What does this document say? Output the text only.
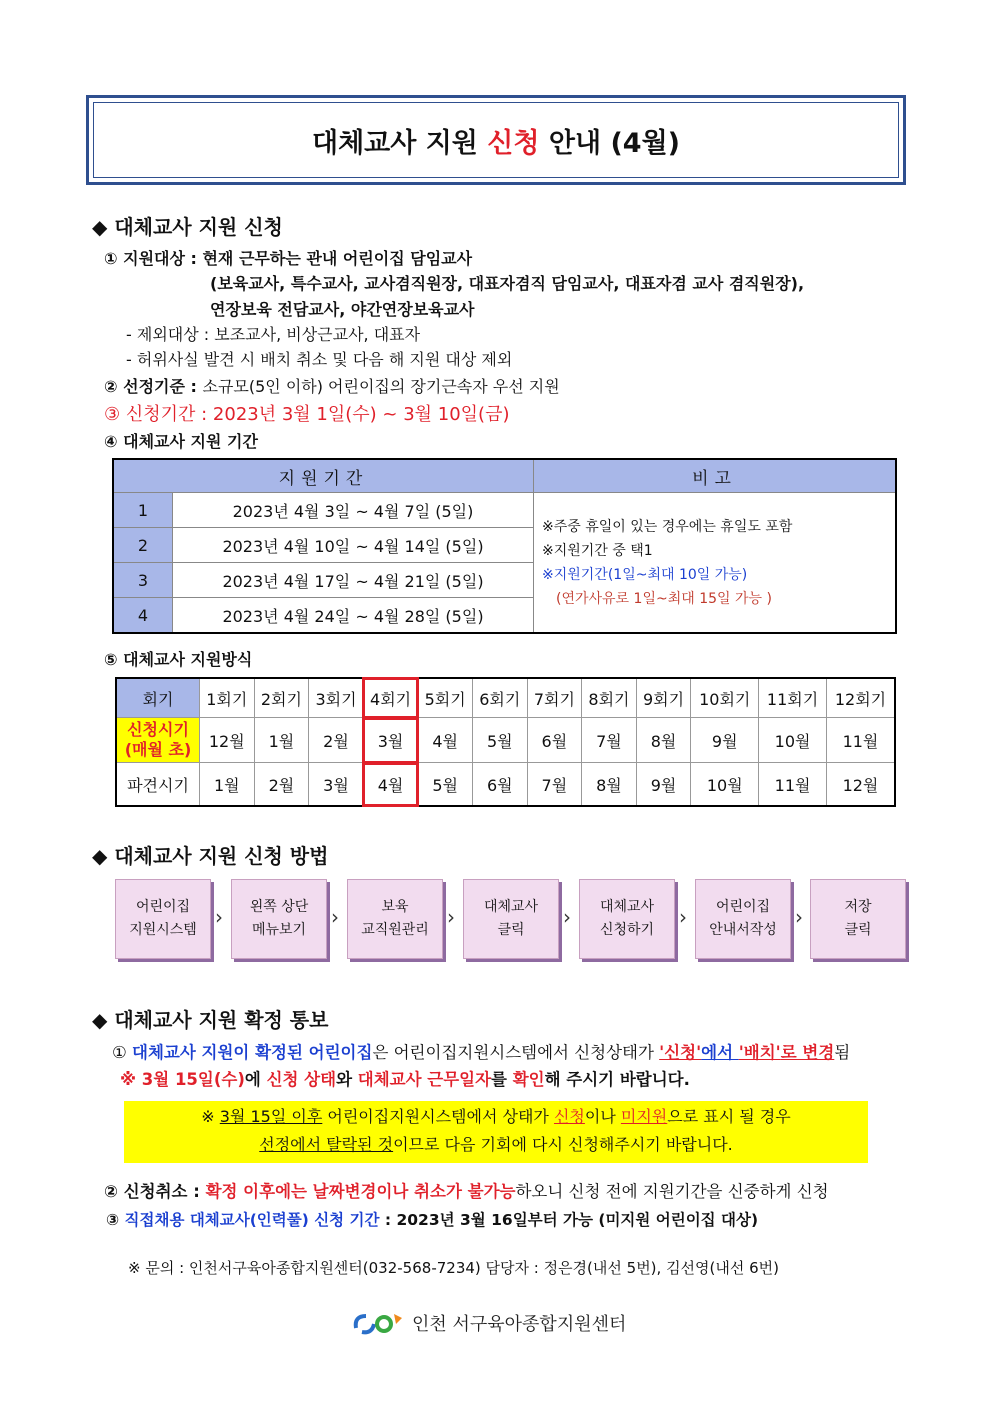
대체교사 지원
신청
안내 (4월)
◆ 대체교사 지원 신청
① 지원대상 : 현재 근무하는 관내 어린이집 담임교사
(보육교사, 특수교사, 교사겸직원장, 대표자겸직 담임교사, 대표자겸 교사 겸직원장),
연장보육 전담교사, 야간연장보육교사
- 제외대상 : 보조교사, 비상근교사, 대표자
- 허위사실 발견 시 배치 취소 및 다음 해 지원 대상 제외
② 선정기준 : 소규모(5인 이하) 어린이집의 장기근속자 우선 지원
③ 신청기간 : 2023년 3월 1일(수) ~ 3월 10일(금)
④ 대체교사 지원 기간
지원기간		비고
1	2023년 4월 3일 ~ 4월 7일 (5일)	※주중 휴일이 있는 경우에는 휴일도 포함
※지원기간 중 택1
※지원기간(1일~최대 10일 가능)
(연가사유로 1일~최대 15일 가능 )

2	2023년 4월 10일 ~ 4월 14일 (5일)	
3	2023년 4월 17일 ~ 4월 21일 (5일)	
4	2023년 4월 24일 ~ 4월 28일 (5일)	
⑤ 대체교사 지원방식
회기	1회기	2회기	3회기	4회기	5회기	6회기	7회기	8회기	9회기	10회기	11회기	12회기

신청시기
(매월 초)	12월	1월	2월	3월	4월	5월	6월	7월	8월	9월	10월	11월
파견시기	1월	2월	3월	4월	5월	6월	7월	8월	9월	10월	11월	12월
◆ 대체교사 지원 신청 방법
어린이집
지원시스템
›	왼쪽 상단
메뉴보기
›	보육
교직원관리
›	대체교사
클릭
›	대체교사
신청하기
›	어린이집
안내서작성
›	저장
클릭
◆ 대체교사 지원 확정 통보
① 대체교사 지원이 확정된 어린이집은 어린이집지원시스템에서 신청상태가 '신청'에서 '배치'로 변경됨
※ 3월 15일(수)에 신청 상태와 대체교사 근무일자를 확인해 주시기 바랍니다.
※ 3월 15일 이후 어린이집지원시스템에서 상태가 신청이나 미지원으로 표시 될 경우
선정에서 탈락된 것이므로 다음 기회에 다시 신청해주시기 바랍니다.
② 신청취소 : 확정 이후에는 날짜변경이나 취소가 불가능하오니 신청 전에 지원기간을 신중하게 신청
③ 직접채용 대체교사(인력풀) 신청 기간 : 2023년 3월 16일부터 가능 (미지원 어린이집 대상)
※ 문의 : 인천서구육아종합지원센터(032-568-7234) 담당자 : 정은경(내선 5번), 김선영(내선 6번)
인천 서구육아종합지원센터
